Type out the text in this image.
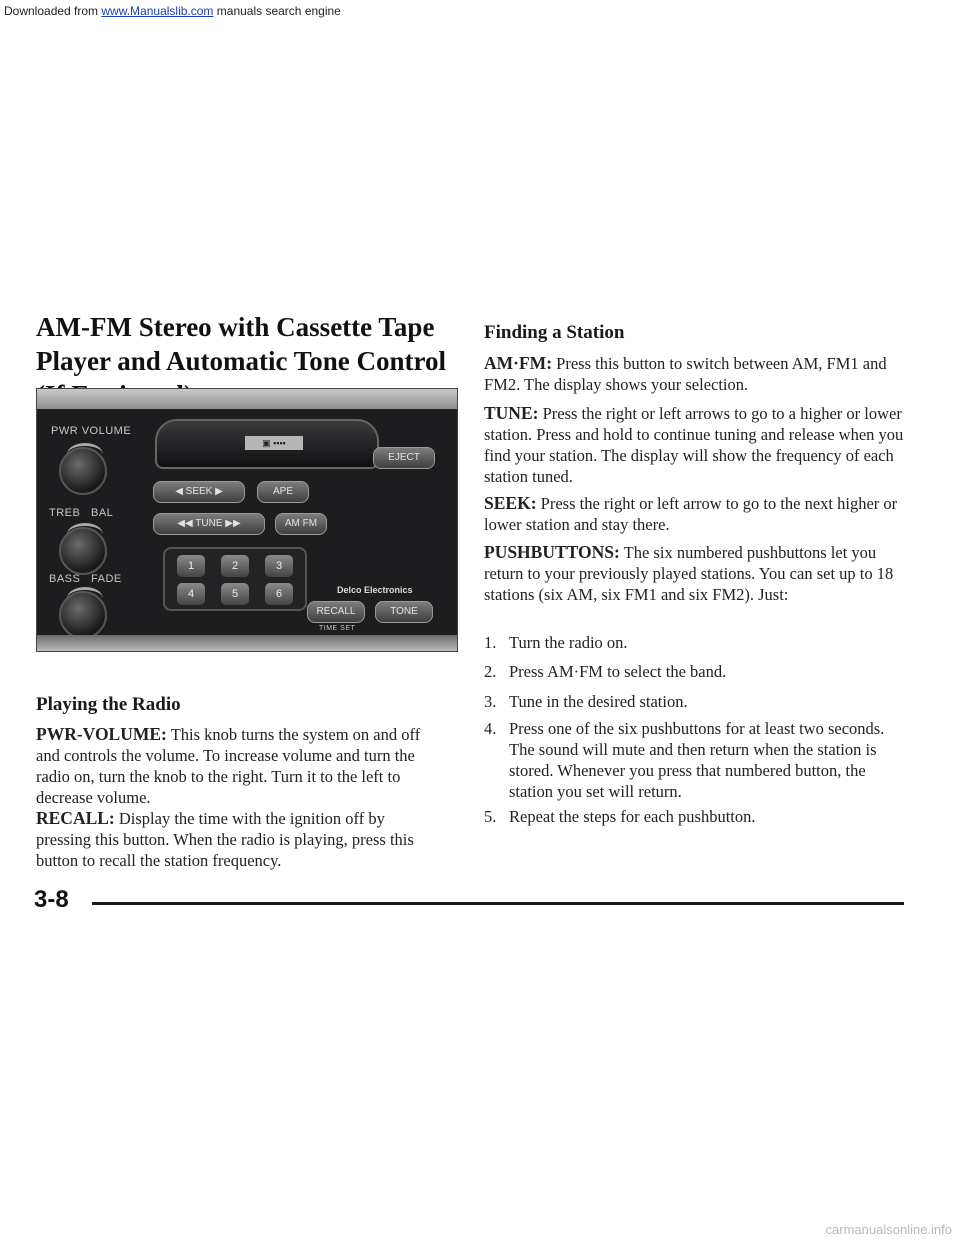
Downloaded from www.Manualslib.com manuals search engine
AM-FM Stereo with Cassette Tape Player and Automatic Tone Control
PWR VOLUME
TREB BAL
BASS FADE
▣ ▪▪▪▪
EJECT
◀ SEEK ▶	APE
◀◀ TUNE ▶▶	AM FM
1	2	3
4	5	6	Delco Electronics
RECALL	TONE
TIME SET
Playing the Radio
PWR-VOLUME: This knob turns the system on and off and controls the volume. To increase volume and turn the radio on, turn the knob to the right. Turn it to the left to decrease volume.
RECALL: Display the time with the ignition off by pressing this button. When the radio is playing, press this button to recall the station frequency.
Finding a Station
AM·FM: Press this button to switch between AM, FM1 and FM2. The display shows your selection.
TUNE: Press the right or left arrows to go to a higher or lower station. Press and hold to continue tuning and release when you find your station. The display will show the frequency of each station tuned.
SEEK: Press the right or left arrow to go to the next higher or lower station and stay there.
PUSHBUTTONS: The six numbered pushbuttons let you return to your previously played stations. You can set up to 18 stations (six AM, six FM1 and six FM2). Just:
1. Turn the radio on.
2. Press AM·FM to select the band.
3. Tune in the desired station.
4. Press one of the six pushbuttons for at least two seconds. The sound will mute and then return when the station is stored. Whenever you press that numbered button, the station you set will return.
5. Repeat the steps for each pushbutton.
3-8
carmanualsonline.info
